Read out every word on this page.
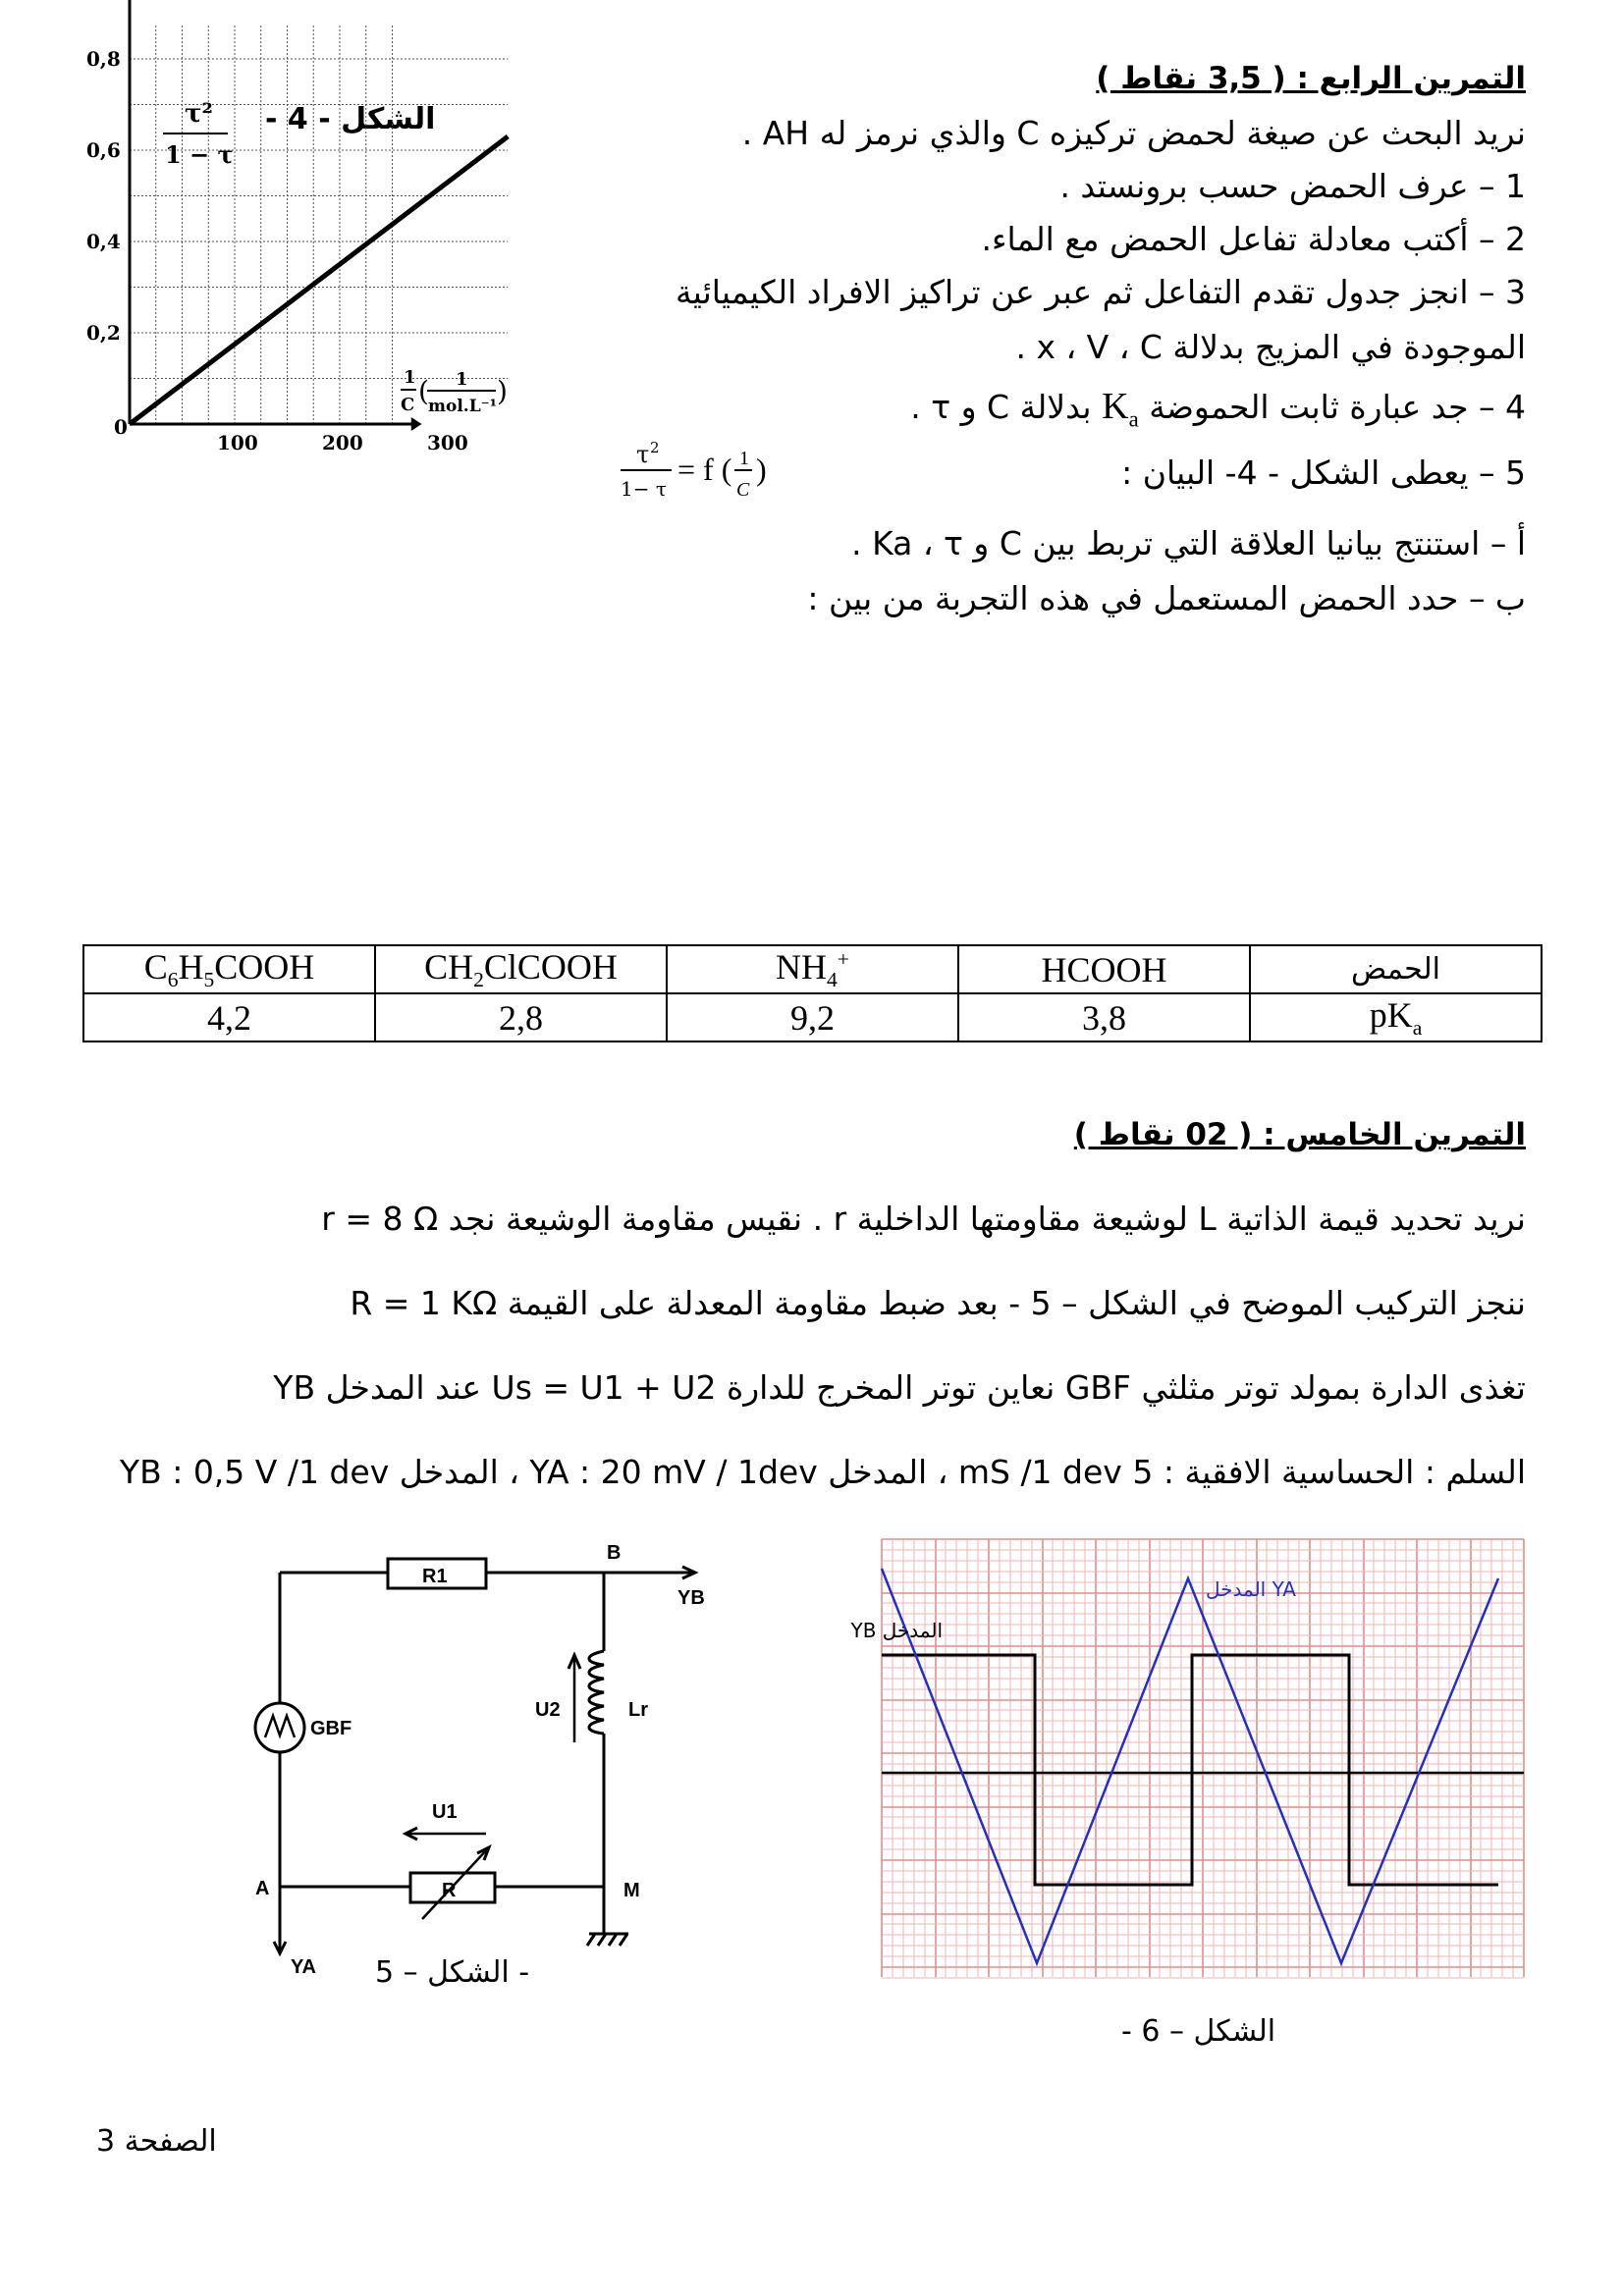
التمرين الرابع : ( 3,5 نقاط )
نريد البحث عن صيغة لحمض تركيزه C والذي نرمز له AH .
1 – عرف الحمض حسب برونستد .
2 – أكتب معادلة تفاعل الحمض مع الماء.
3 – انجز جدول تقدم التفاعل ثم عبر عن تراكيز الافراد الكيميائية
الموجودة في المزيج بدلالة x ، V ، C .
4 – جد عبارة ثابت الحموضة $K_a$ بدلالة C و τ .
5 – يعطى الشكل - 4- البيان :
τ 2
1− τ
= f ( 1
C
)
أ – استنتج بيانيا العلاقة التي تربط بين C و Ka ، τ .
ب – حدد الحمض المستعمل في هذه التجربة من بين :
- 4 - الشكل
100	200	300
0,2
0,4
0,6
0,8
τ²
1 − τ
1
C ( 1
mol.L⁻¹ )
0
$C_6H_5COOH$	$CH_2ClCOOH$	$NH_4^+$	HCOOH	الحمض
4,2	2,8	9,2	3,8	$pK_a$
التمرين الخامس : ( 02 نقاط )
نريد تحديد قيمة الذاتية L لوشيعة مقاومتها الداخلية r . نقيس مقاومة الوشيعة نجد r = 8 Ω
ننجز التركيب الموضح في الشكل – 5 - بعد ضبط مقاومة المعدلة على القيمة R = 1 KΩ
تغذى الدارة بمولد توتر مثلثي GBF نعاين توتر المخرج للدارة Us = U1 + U2 عند المدخل YB
السلم : الحساسية الافقية : 5 mS /1 dev ، المدخل YA : 20 mV / 1dev ، المدخل YB : 0,5 V /1 dev
R1
B
YB
GBF
U2	Lr
U1
A	R	M
YA الشكل – 5 -
المدخل YB
المدخل YA
- 6 – الشكل
الصفحة 3
